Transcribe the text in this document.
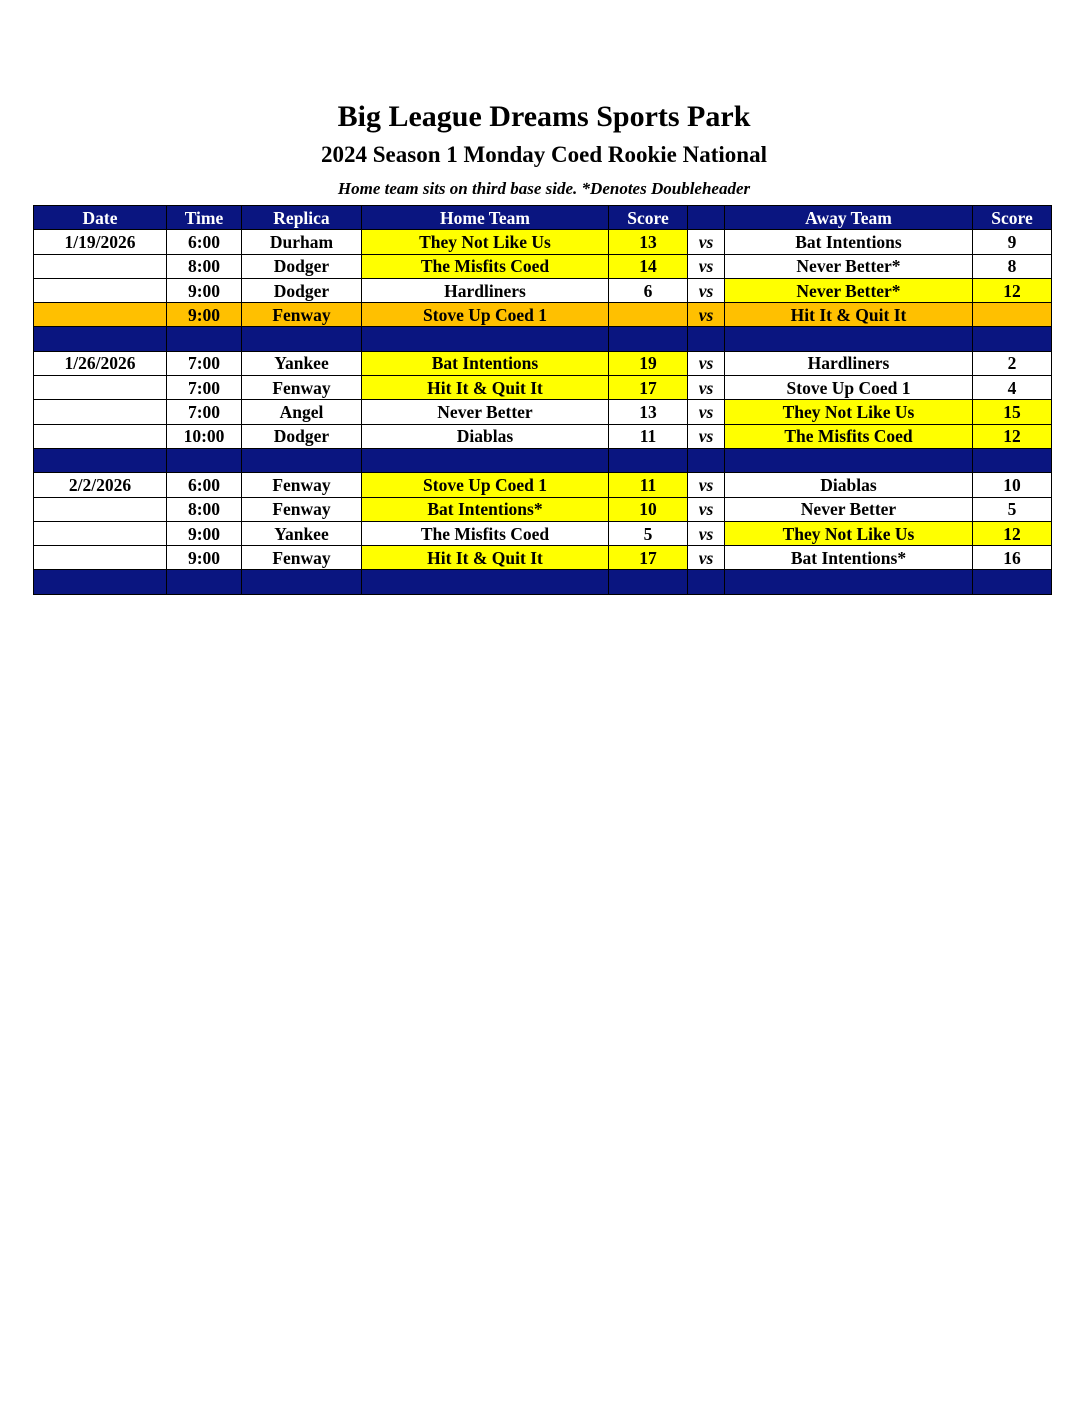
Big League Dreams Sports Park
2024 Season 1 Monday Coed Rookie National
Home team sits on third base side. *Denotes Doubleheader
Date	Time	Replica	Home Team	Score		Away Team	Score
1/19/2026	6:00	Durham	They Not Like Us	13	vs	Bat Intentions	9
	8:00	Dodger	The Misfits Coed	14	vs	Never Better*	8
	9:00	Dodger	Hardliners	6	vs	Never Better*	12
	9:00	Fenway	Stove Up Coed 1		vs	Hit It & Quit It	

1/26/2026	7:00	Yankee	Bat Intentions	19	vs	Hardliners	2
	7:00	Fenway	Hit It & Quit It	17	vs	Stove Up Coed 1	4
	7:00	Angel	Never Better	13	vs	They Not Like Us	15
	10:00	Dodger	Diablas	11	vs	The Misfits Coed	12

2/2/2026	6:00	Fenway	Stove Up Coed 1	11	vs	Diablas	10
	8:00	Fenway	Bat Intentions*	10	vs	Never Better	5
	9:00	Yankee	The Misfits Coed	5	vs	They Not Like Us	12
	9:00	Fenway	Hit It & Quit It	17	vs	Bat Intentions*	16
